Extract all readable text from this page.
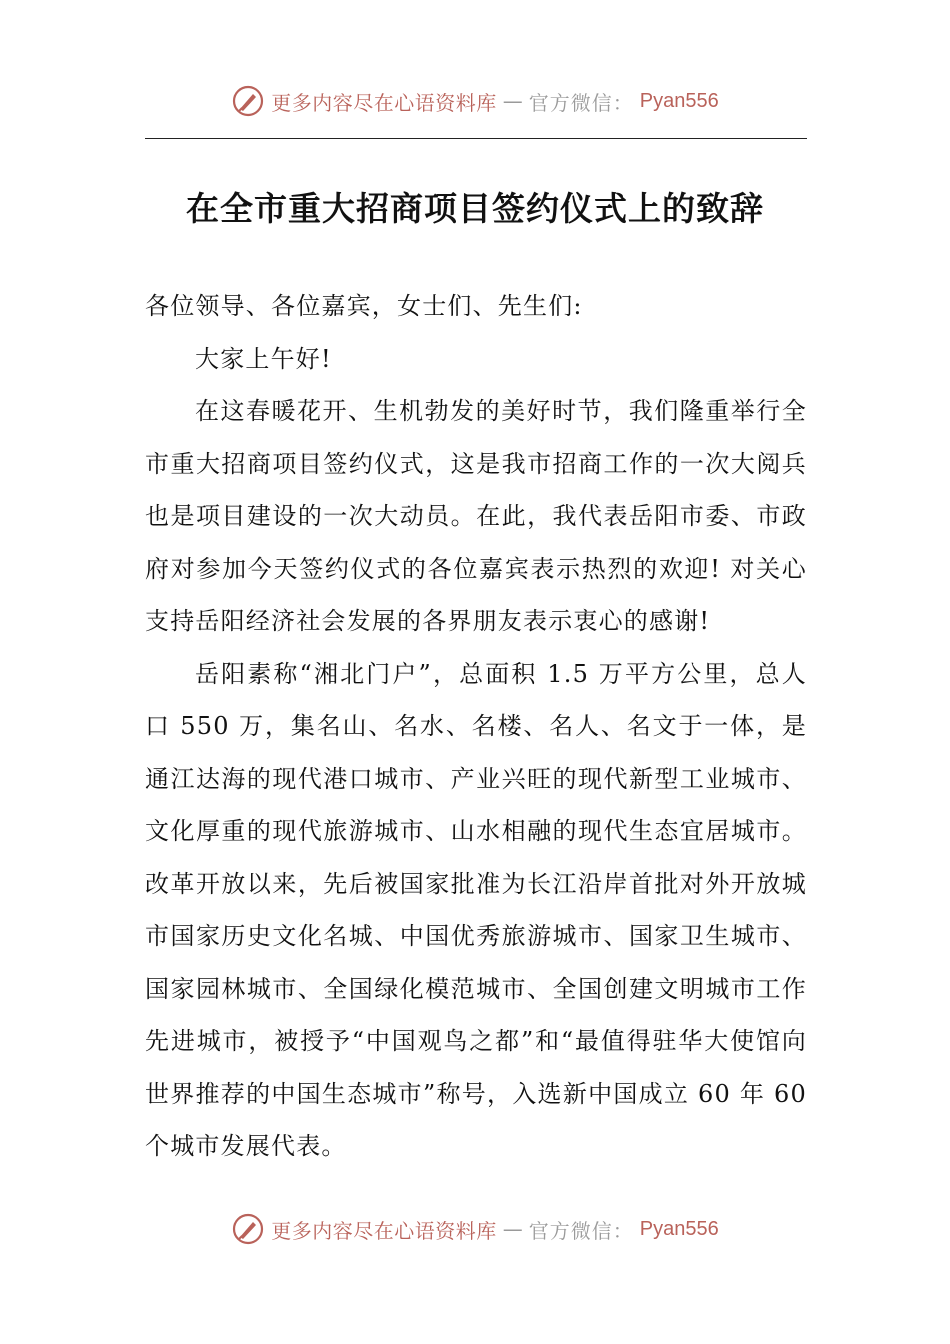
更多内容尽在心语资料库 — 官方微信： Pyan556
在全市重大招商项目签约仪式上的致辞

各位领导、各位嘉宾，女士们、先生们:

大家上午好!

在这春暖花开、生机勃发的美好时节，我们隆重举行全市重大招商项目签约仪式，这是我市招商工作的一次大阅兵也是项目建设的一次大动员。在此，我代表岳阳市委、市政府对参加今天签约仪式的各位嘉宾表示热烈的欢迎! 对关心支持岳阳经济社会发展的各界朋友表示衷心的感谢!

岳阳素称“湘北门户”，总面积 1.5 万平方公里，总人口 550 万，集名山、名水、名楼、名人、名文于一体，是通江达海的现代港口城市、产业兴旺的现代新型工业城市、文化厚重的现代旅游城市、山水相融的现代生态宜居城市。改革开放以来，先后被国家批准为长江沿岸首批对外开放城市国家历史文化名城、中国优秀旅游城市、国家卫生城市、国家园林城市、全国绿化模范城市、全国创建文明城市工作先进城市，被授予“中国观鸟之都”和“最值得驻华大使馆向世界推荐的中国生态城市”称号，入选新中国成立 60 年 60 个城市发展代表。

更多内容尽在心语资料库 — 官方微信： Pyan556
